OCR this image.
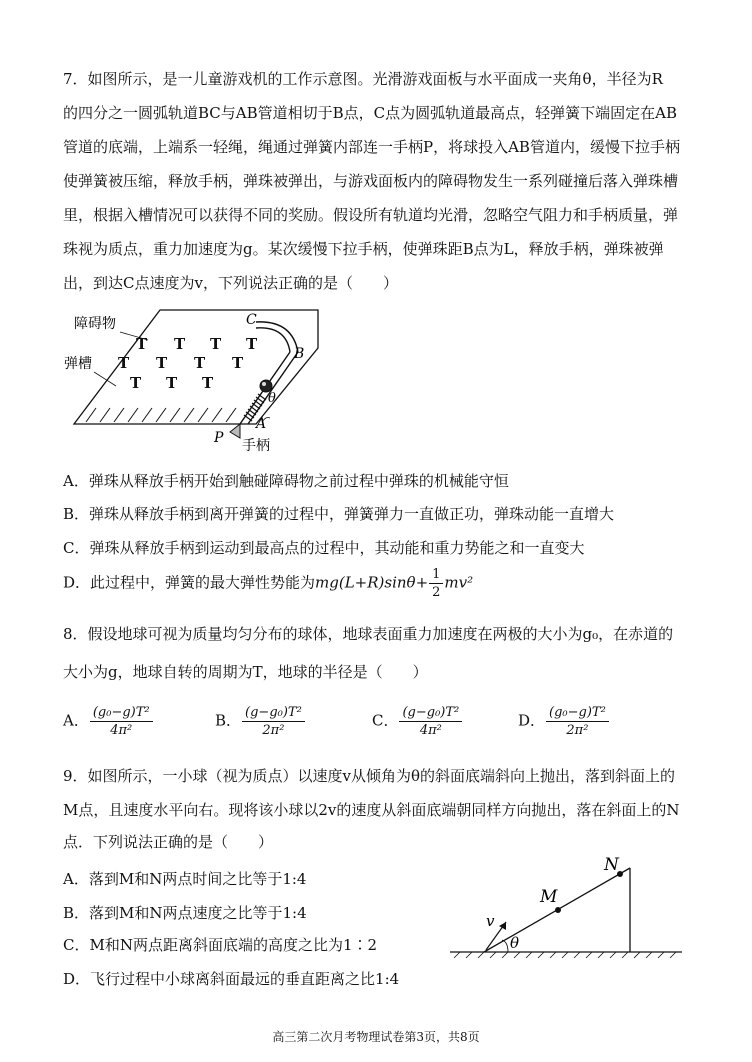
7．如图所示，是一儿童游戏机的工作示意图。光滑游戏面板与水平面成一夹角θ，半径为R
的四分之一圆弧轨道BC与AB管道相切于B点，C点为圆弧轨道最高点，轻弹簧下端固定在AB
管道的底端，上端系一轻绳，绳通过弹簧内部连一手柄P，将球投入AB管道内，缓慢下拉手柄
使弹簧被压缩，释放手柄，弹珠被弹出，与游戏面板内的障碍物发生一系列碰撞后落入弹珠槽
里，根据入槽情况可以获得不同的奖励。假设所有轨道均光滑，忽略空气阻力和手柄质量，弹
珠视为质点，重力加速度为g。某次缓慢下拉手柄，使弹珠距B点为L，释放手柄，弹珠被弹
出，到达C点速度为v，下列说法正确的是（　　）
T T T T
T T T T
T T T
障碍物
弹槽
C
B
θ
A
P 手柄
A．弹珠从释放手柄开始到触碰障碍物之前过程中弹珠的机械能守恒
B．弹珠从释放手柄到离开弹簧的过程中，弹簧弹力一直做正功，弹珠动能一直增大
C．弹珠从释放手柄到运动到最高点的过程中，其动能和重力势能之和一直变大
D．此过程中，弹簧的最大弹性势能为$mg(L+R)\sin\theta+ \frac{1}{2} mv^2$
8．假设地球可视为质量均匀分布的球体，地球表面重力加速度在两极的大小为g₀，在赤道的
大小为g，地球自转的周期为T，地球的半径是（　　）
A． $\frac{\text{(g₀−g)T²}}{\text{4π²}}$	B． $\frac{\text{(g−g₀)T²}}{\text{2π²}}$	C． $\frac{\text{(g−g₀)T²}}{\text{4π²}}$	D． $\frac{\text{(g₀−g)T²}}{\text{2π²}}$
9．如图所示，一小球（视为质点）以速度v从倾角为θ的斜面底端斜向上抛出，落到斜面上的
M点，且速度水平向右。现将该小球以2v的速度从斜面底端朝同样方向抛出，落在斜面上的N
点．下列说法正确的是（　　）
A．落到M和N两点时间之比等于1:4
B．落到M和N两点速度之比等于1:4
C．M和N两点距离斜面底端的高度之比为1∶2
D．飞行过程中小球离斜面最远的垂直距离之比1:4
N
M
v
θ
高三第二次月考物理试卷第3页，共8页
